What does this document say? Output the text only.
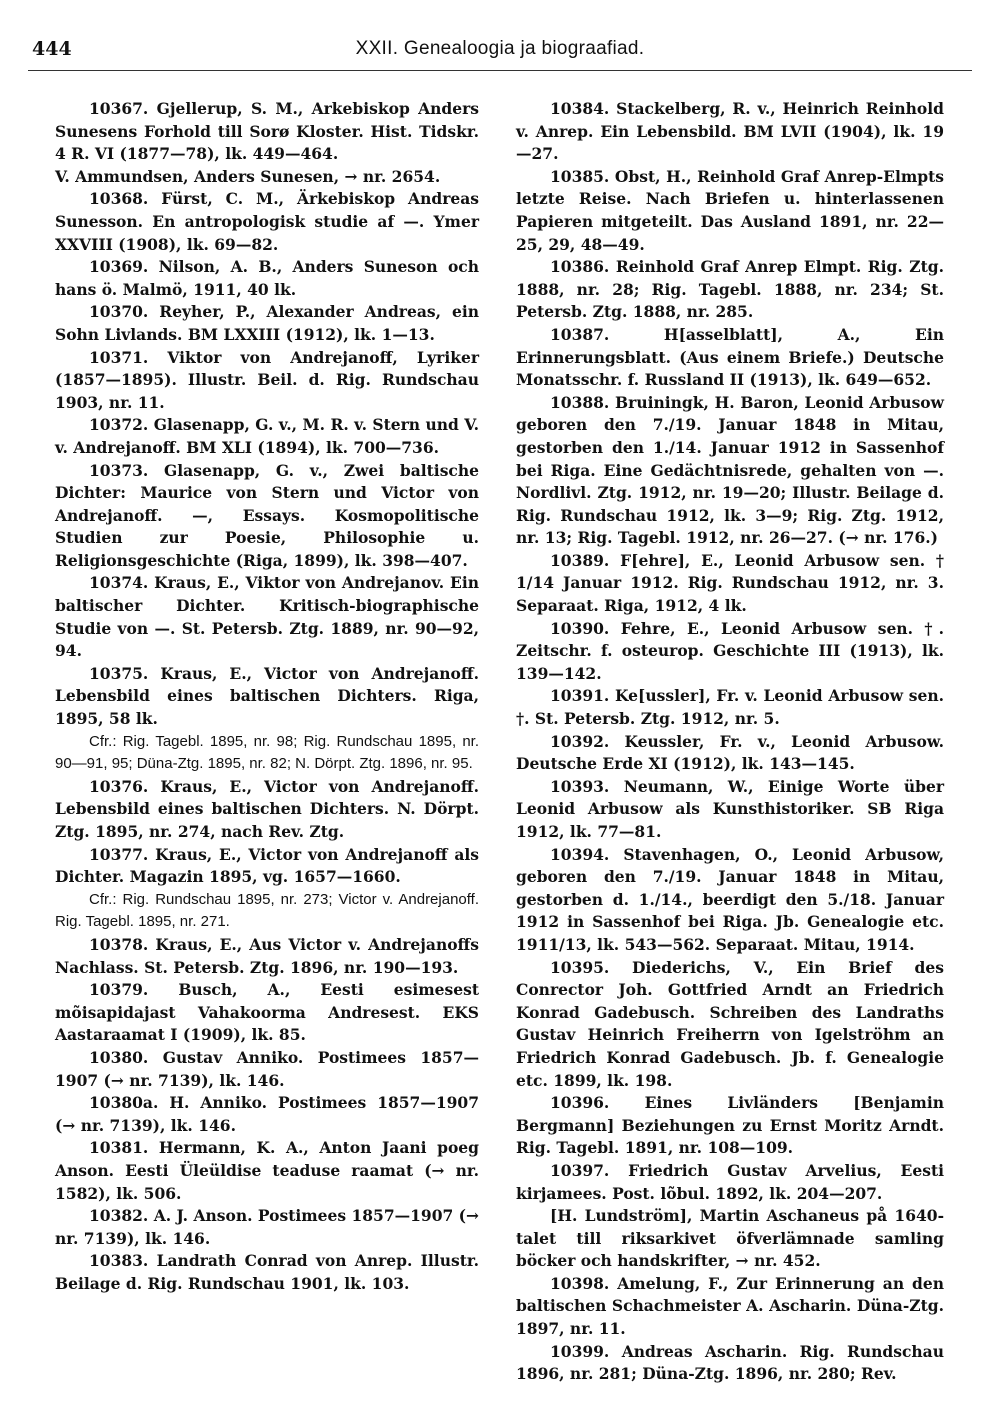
444	XXII. Genealoogia ja biograafiad.

10367. Gjellerup, S. M., Arkebiskop Anders Sunesens Forhold till Sorø Kloster. Hist. Tidskr. 4 R. VI (1877—78), lk. 449—464.

V. Ammundsen, Anders Sunesen, → nr. 2654.

10368. Fürst, C. M., Ärkebiskop Andreas Sunesson. En antropologisk studie af —. Ymer XXVIII (1908), lk. 69—82.

10369. Nilson, A. B., Anders Suneson och hans ö. Malmö, 1911, 40 lk.

10370. Reyher, P., Alexander Andreas, ein Sohn Livlands. BM LXXIII (1912), lk. 1—13.

10371. Viktor von Andrejanoff, Lyriker (1857—1895). Illustr. Beil. d. Rig. Rundschau 1903, nr. 11.

10372. Glasenapp, G. v., M. R. v. Stern und V. v. Andrejanoff. BM XLI (1894), lk. 700—736.

10373. Glasenapp, G. v., Zwei baltische Dichter: Maurice von Stern und Victor von Andrejanoff. —, Essays. Kosmopolitische Studien zur Poesie, Philosophie u. Religionsgeschichte (Riga, 1899), lk. 398—407.

10374. Kraus, E., Viktor von Andrejanov. Ein baltischer Dichter. Kritisch-biographische Studie von —. St. Petersb. Ztg. 1889, nr. 90—92, 94.

10375. Kraus, E., Victor von Andrejanoff. Lebensbild eines baltischen Dichters. Riga, 1895, 58 lk.

Cfr.: Rig. Tagebl. 1895, nr. 98; Rig. Rundschau 1895, nr. 90—91, 95; Düna-Ztg. 1895, nr. 82; N. Dörpt. Ztg. 1896, nr. 95.

10376. Kraus, E., Victor von Andrejanoff. Lebensbild eines baltischen Dichters. N. Dörpt. Ztg. 1895, nr. 274, nach Rev. Ztg.

10377. Kraus, E., Victor von Andrejanoff als Dichter. Magazin 1895, vg. 1657—1660.

Cfr.: Rig. Rundschau 1895, nr. 273; Victor v. Andrejanoff. Rig. Tagebl. 1895, nr. 271.

10378. Kraus, E., Aus Victor v. Andrejanoffs Nachlass. St. Petersb. Ztg. 1896, nr. 190—193.

10379. Busch, A., Eesti esimesest mõisapidajast Vahakoorma Andresest. EKS Aastaraamat I (1909), lk. 85.

10380. Gustav Anniko. Postimees 1857—1907 (→ nr. 7139), lk. 146.

10380a. H. Anniko. Postimees 1857—1907 (→ nr. 7139), lk. 146.

10381. Hermann, K. A., Anton Jaani poeg Anson. Eesti Üleüldise teaduse raamat (→ nr. 1582), lk. 506.

10382. A. J. Anson. Postimees 1857—1907 (→ nr. 7139), lk. 146.

10383. Landrath Conrad von Anrep. Illustr. Beilage d. Rig. Rundschau 1901, lk. 103.

10384. Stackelberg, R. v., Heinrich Reinhold v. Anrep. Ein Lebensbild. BM LVII (1904), lk. 19—27.

10385. Obst, H., Reinhold Graf Anrep-Elmpts letzte Reise. Nach Briefen u. hinterlassenen Papieren mitgeteilt. Das Ausland 1891, nr. 22—25, 29, 48—49.

10386. Reinhold Graf Anrep Elmpt. Rig. Ztg. 1888, nr. 28; Rig. Tagebl. 1888, nr. 234; St. Petersb. Ztg. 1888, nr. 285.

10387. H[asselblatt], A., Ein Erinnerungsblatt. (Aus einem Briefe.) Deutsche Monatsschr. f. Russland II (1913), lk. 649—652.

10388. Bruiningk, H. Baron, Leonid Arbusow geboren den 7./19. Januar 1848 in Mitau, gestorben den 1./14. Januar 1912 in Sassenhof bei Riga. Eine Gedächtnisrede, gehalten von —. Nordlivl. Ztg. 1912, nr. 19—20; Illustr. Beilage d. Rig. Rundschau 1912, lk. 3—9; Rig. Ztg. 1912, nr. 13; Rig. Tagebl. 1912, nr. 26—27. (→ nr. 176.)

10389. F[ehre], E., Leonid Arbusow sen. † 1/14 Januar 1912. Rig. Rundschau 1912, nr. 3. Separaat. Riga, 1912, 4 lk.

10390. Fehre, E., Leonid Arbusow sen. †. Zeitschr. f. osteurop. Geschichte III (1913), lk. 139—142.

10391. Ke[ussler], Fr. v. Leonid Arbusow sen. †. St. Petersb. Ztg. 1912, nr. 5.

10392. Keussler, Fr. v., Leonid Arbusow. Deutsche Erde XI (1912), lk. 143—145.

10393. Neumann, W., Einige Worte über Leonid Arbusow als Kunsthistoriker. SB Riga 1912, lk. 77—81.

10394. Stavenhagen, O., Leonid Arbusow, geboren den 7./19. Januar 1848 in Mitau, gestorben d. 1./14., beerdigt den 5./18. Januar 1912 in Sassenhof bei Riga. Jb. Genealogie etc. 1911/13, lk. 543—562. Separaat. Mitau, 1914.

10395. Diederichs, V., Ein Brief des Conrector Joh. Gottfried Arndt an Friedrich Konrad Gadebusch. Schreiben des Landraths Gustav Heinrich Freiherrn von Igelströhm an Friedrich Konrad Gadebusch. Jb. f. Genealogie etc. 1899, lk. 198.

10396. Eines Livländers [Benjamin Bergmann] Beziehungen zu Ernst Moritz Arndt. Rig. Tagebl. 1891, nr. 108—109.

10397. Friedrich Gustav Arvelius, Eesti kirjamees. Post. lõbul. 1892, lk. 204—207.

[H. Lundström], Martin Aschaneus på 1640-talet till riksarkivet öfverlämnade samling böcker och handskrifter, → nr. 452.

10398. Amelung, F., Zur Erinnerung an den baltischen Schachmeister A. Ascharin. Düna-Ztg. 1897, nr. 11.

10399. Andreas Ascharin. Rig. Rundschau 1896, nr. 281; Düna-Ztg. 1896, nr. 280; Rev.
